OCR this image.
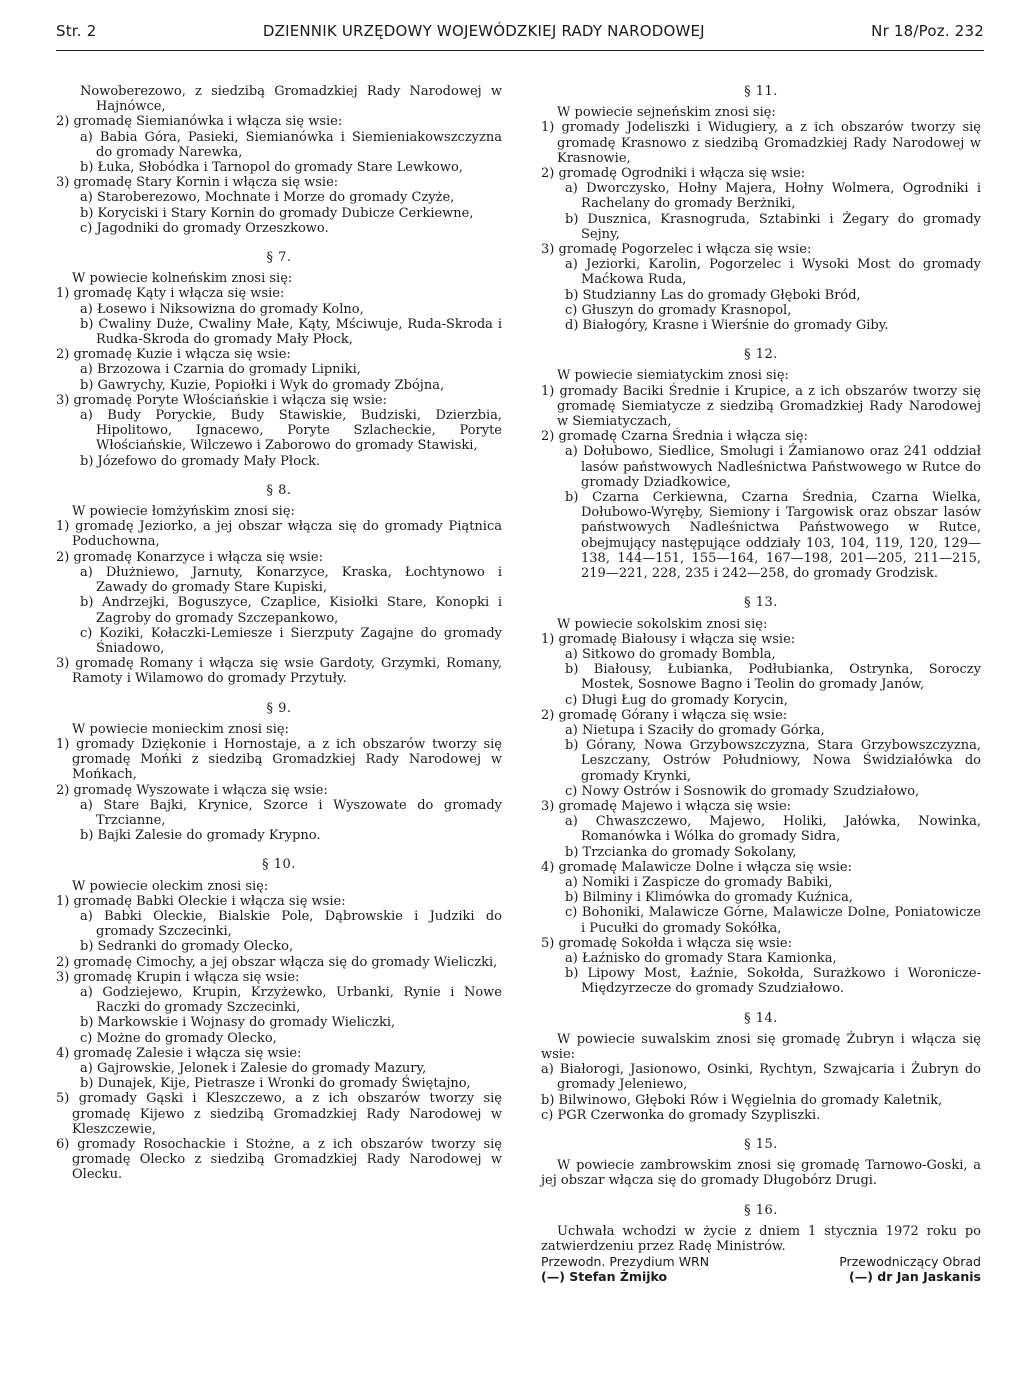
Str. 2	DZIENNIK URZĘDOWY WOJEWÓDZKIEJ RADY NARODOWEJ	Nr 18/Poz. 232

Nowoberezowo, z siedzibą Gromadzkiej Rady Narodowej w Hajnówce,

2) gromadę Siemianówka i włącza się wsie:

a) Babia Góra, Pasieki, Siemianówka i Siemieniakowszczyzna do gromady Narewka,

b) Łuka, Słobódka i Tarnopol do gromady Stare Lewkowo,

3) gromadę Stary Kornin i włącza się wsie:

a) Staroberezowo, Mochnate i Morze do gromady Czyże,

b) Koryciski i Stary Kornin do gromady Dubicze Cerkiewne,

c) Jagodniki do gromady Orzeszkowo.

§ 7.

W powiecie kolneńskim znosi się:

1) gromadę Kąty i włącza się wsie:

a) Łosewo i Niksowizna do gromady Kolno,

b) Cwaliny Duże, Cwaliny Małe, Kąty, Mściwuje, Ruda-Skroda i Rudka-Skroda do gromady Mały Płock,

2) gromadę Kuzie i włącza się wsie:

a) Brzozowa i Czarnia do gromady Lipniki,

b) Gawrychy, Kuzie, Popiołki i Wyk do gromady Zbójna,

3) gromadę Poryte Włościańskie i włącza się wsie:

a) Budy Poryckie, Budy Stawiskie, Budziski, Dzierzbia, Hipolitowo, Ignacewo, Poryte Szlacheckie, Poryte Włościańskie, Wilczewo i Zaborowo do gromady Stawiski,

b) Józefowo do gromady Mały Płock.

§ 8.

W powiecie łomżyńskim znosi się:

1) gromadę Jeziorko, a jej obszar włącza się do gromady Piątnica Poduchowna,

2) gromadę Konarzyce i włącza się wsie:

a) Dłużniewo, Jarnuty, Konarzyce, Kraska, Łochtynowo i Zawady do gromady Stare Kupiski,

b) Andrzejki, Boguszyce, Czaplice, Kisiołki Stare, Konopki i Zagroby do gromady Szczepankowo,

c) Koziki, Kołaczki-Lemiesze i Sierzputy Zagajne do gromady Śniadowo,

3) gromadę Romany i włącza się wsie Gardoty, Grzymki, Romany, Ramoty i Wilamowo do gromady Przytuły.

§ 9.

W powiecie monieckim znosi się:

1) gromady Dziękonie i Hornostaje, a z ich obszarów tworzy się gromadę Mońki z siedzibą Gromadzkiej Rady Narodowej w Mońkach,

2) gromadę Wyszowate i włącza się wsie:

a) Stare Bajki, Krynice, Szorce i Wyszowate do gromady Trzcianne,

b) Bajki Zalesie do gromady Krypno.

§ 10.

W powiecie oleckim znosi się:

1) gromadę Babki Oleckie i włącza się wsie:

a) Babki Oleckie, Bialskie Pole, Dąbrowskie i Judziki do gromady Szczecinki,

b) Sedranki do gromady Olecko,

2) gromadę Cimochy, a jej obszar włącza się do gromady Wieliczki,

3) gromadę Krupin i włącza się wsie:

a) Godziejewo, Krupin, Krzyżewko, Urbanki, Rynie i Nowe Raczki do gromady Szczecinki,

b) Markowskie i Wojnasy do gromady Wieliczki,

c) Możne do gromady Olecko,

4) gromadę Zalesie i włącza się wsie:

a) Gajrowskie, Jelonek i Zalesie do gromady Mazury,

b) Dunajek, Kije, Pietrasze i Wronki do gromady Świętajno,

5) gromady Gąski i Kleszczewo, a z ich obszarów tworzy się gromadę Kijewo z siedzibą Gromadzkiej Rady Narodowej w Kleszczewie,

6) gromady Rosochackie i Stożne, a z ich obszarów tworzy się gromadę Olecko z siedzibą Gromadzkiej Rady Narodowej w Olecku.

§ 11.

W powiecie sejneńskim znosi się:

1) gromady Jodeliszki i Widugiery, a z ich obszarów tworzy się gromadę Krasnowo z siedzibą Gromadzkiej Rady Narodowej w Krasnowie,

2) gromadę Ogrodniki i włącza się wsie:

a) Dworczysko, Hołny Majera, Hołny Wolmera, Ogrodniki i Rachelany do gromady Berżniki,

b) Dusznica, Krasnogruda, Sztabinki i Żegary do gromady Sejny,

3) gromadę Pogorzelec i włącza się wsie:

a) Jeziorki, Karolin, Pogorzelec i Wysoki Most do gromady Maćkowa Ruda,

b) Studzianny Las do gromady Głęboki Bród,

c) Głuszyn do gromady Krasnopol,

d) Białogóry, Krasne i Wierśnie do gromady Giby.

§ 12.

W powiecie siemiatyckim znosi się:

1) gromady Baciki Średnie i Krupice, a z ich obszarów tworzy się gromadę Siemiatycze z siedzibą Gromadzkiej Rady Narodowej w Siemiatyczach,

2) gromadę Czarna Średnia i włącza się:

a) Dołubowo, Siedlice, Smolugi i Żamianowo oraz 241 oddział lasów państwowych Nadleśnictwa Państwowego w Rutce do gromady Dziadkowice,

b) Czarna Cerkiewna, Czarna Średnia, Czarna Wielka, Dołubowo-Wyręby, Siemiony i Targowisk oraz obszar lasów państwowych Nadleśnictwa Państwowego w Rutce, obejmujący następujące oddziały 103, 104, 119, 120, 129—138, 144—151, 155—164, 167—198, 201—205, 211—215, 219—221, 228, 235 i 242—258, do gromady Grodzisk.

§ 13.

W powiecie sokolskim znosi się:

1) gromadę Białousy i włącza się wsie:

a) Sitkowo do gromady Bombla,

b) Białousy, Łubianka, Podłubianka, Ostrynka, Soroczy Mostek, Sosnowe Bagno i Teolin do gromady Janów,

c) Długi Ług do gromady Korycin,

2) gromadę Górany i włącza się wsie:

a) Nietupa i Szaciły do gromady Górka,

b) Górany, Nowa Grzybowszczyzna, Stara Grzybowszczyzna, Leszczany, Ostrów Południowy, Nowa Świdziałówka do gromady Krynki,

c) Nowy Ostrów i Sosnowik do gromady Szudziałowo,

3) gromadę Majewo i włącza się wsie:

a) Chwaszczewo, Majewo, Holiki, Jałówka, Nowinka, Romanówka i Wólka do gromady Sidra,

b) Trzcianka do gromady Sokolany,

4) gromadę Malawicze Dolne i włącza się wsie:

a) Nomiki i Zaspicze do gromady Babiki,

b) Bilminy i Klimówka do gromady Kuźnica,

c) Bohoniki, Malawicze Górne, Malawicze Dolne, Poniatowicze i Pucułki do gromady Sokółka,

5) gromadę Sokołda i włącza się wsie:

a) Łaźnisko do gromady Stara Kamionka,

b) Lipowy Most, Łaźnie, Sokołda, Surażkowo i Woronicze-Międzyrzecze do gromady Szudziałowo.

§ 14.

W powiecie suwalskim znosi się gromadę Żubryn i włącza się wsie:

a) Białorogi, Jasionowo, Osinki, Rychtyn, Szwajcaria i Żubryn do gromady Jeleniewo,

b) Bilwinowo, Głęboki Rów i Węgielnia do gromady Kaletnik,

c) PGR Czerwonka do gromady Szypliszki.

§ 15.

W powiecie zambrowskim znosi się gromadę Tarnowo-Goski, a jej obszar włącza się do gromady Długobórz Drugi.

§ 16.

Uchwała wchodzi w życie z dniem 1 stycznia 1972 roku po zatwierdzeniu przez Radę Ministrów.

Przewodn. Prezydium WRN	Przewodniczący Obrad

(—) Stefan Żmijko	(—) dr Jan Jaskanis
